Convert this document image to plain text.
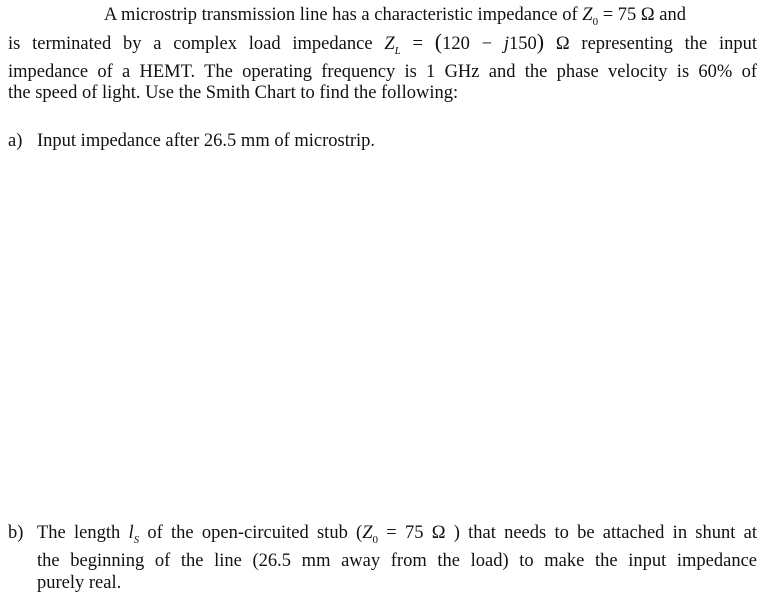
A microstrip transmission line has a characteristic impedance of $Z_0 = 75$ Ω and
is terminated by a complex load impedance $Z_L = (120 - j150)$ Ω representing the input
impedance of a HEMT. The operating frequency is 1 GHz and the phase velocity is 60% of
the speed of light. Use the Smith Chart to find the following:
a) Input impedance after 26.5 mm of microstrip.
b) The length $l_S$ of the open-circuited stub ($Z_0 = 75$ Ω ) that needs to be attached in shunt at
the beginning of the line (26.5 mm away from the load) to make the input impedance
purely real.
